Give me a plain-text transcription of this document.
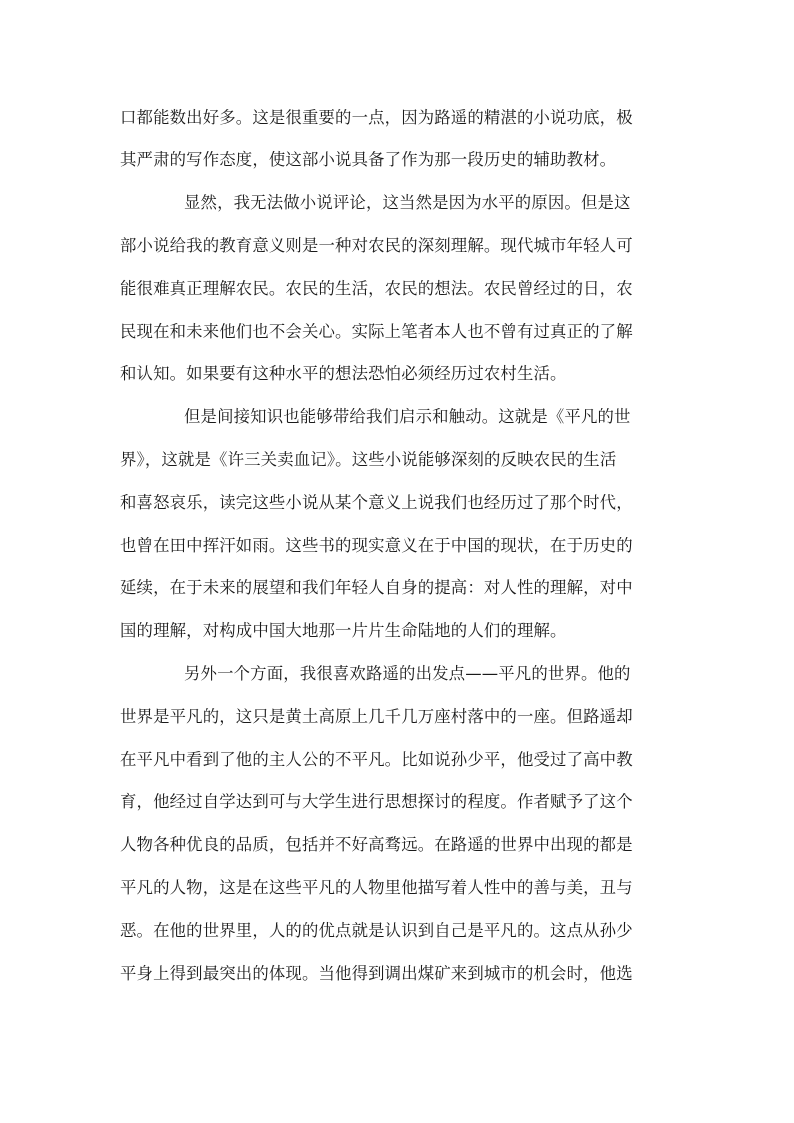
口都能数出好多。这是很重要的一点，因为路遥的精湛的小说功底，极
其严肃的写作态度，使这部小说具备了作为那一段历史的辅助教材。
显然，我无法做小说评论，这当然是因为水平的原因。但是这
部小说给我的教育意义则是一种对农民的深刻理解。现代城市年轻人可
能很难真正理解农民。农民的生活，农民的想法。农民曾经过的日，农
民现在和未来他们也不会关心。实际上笔者本人也不曾有过真正的了解
和认知。如果要有这种水平的想法恐怕必须经历过农村生活。
但是间接知识也能够带给我们启示和触动。这就是《平凡的世
界》，这就是《许三关卖血记》。这些小说能够深刻的反映农民的生活
和喜怒哀乐，读完这些小说从某个意义上说我们也经历过了那个时代，
也曾在田中挥汗如雨。这些书的现实意义在于中国的现状，在于历史的
延续，在于未来的展望和我们年轻人自身的提高：对人性的理解，对中
国的理解，对构成中国大地那一片片生命陆地的人们的理解。
另外一个方面，我很喜欢路遥的出发点——平凡的世界。他的
世界是平凡的，这只是黄土高原上几千几万座村落中的一座。但路遥却
在平凡中看到了他的主人公的不平凡。比如说孙少平，他受过了高中教
育，他经过自学达到可与大学生进行思想探讨的程度。作者赋予了这个
人物各种优良的品质，包括并不好高骛远。在路遥的世界中出现的都是
平凡的人物，这是在这些平凡的人物里他描写着人性中的善与美，丑与
恶。在他的世界里，人的的优点就是认识到自己是平凡的。这点从孙少
平身上得到最突出的体现。当他得到调出煤矿来到城市的机会时，他选
